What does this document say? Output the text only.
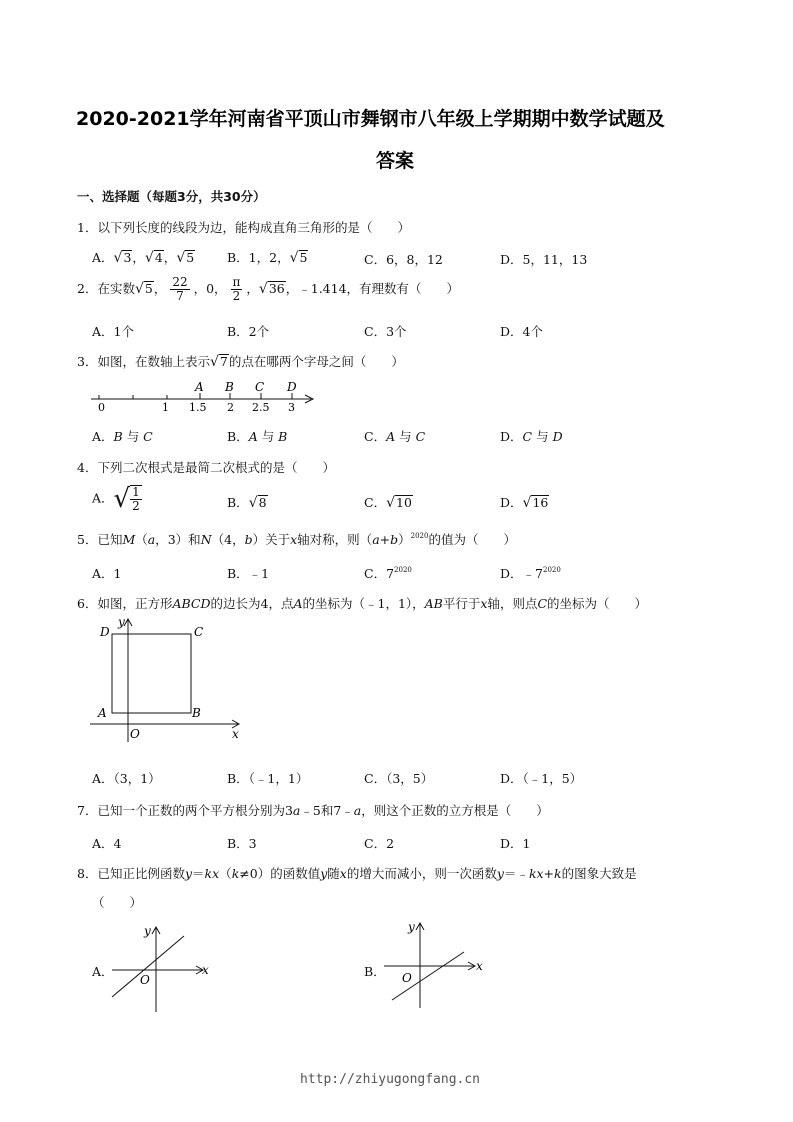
2020-2021学年河南省平顶山市舞钢市八年级上学期期中数学试题及
答案
一、选择题（每题3分，共30分）
1．以下列长度的线段为边，能构成直角三角形的是（　　）
A．√3，√4，√5	B．1，2，√5	C．6，8，12	D．5，11，13
2．在实数√5， $\frac{22}{7}$ ，0， $\frac{\pi}{2}$ ，√36，﹣1.414，有理数有（　　）
A．1个	B．2个	C．3个	D．4个
3．如图，在数轴上表示√7的点在哪两个字母之间（　　）
0	1 1.5 2 2.5 3
A B C D
A．B 与 C	B．A 与 B	C．A 与 C	D．C 与 D
4．下列二次根式是最简二次根式的是（　　）
A．√ $\frac{1}{2}$	B．√8	C．√10	D．√16
5．已知M（a，3）和N（4，b）关于x轴对称，则$(a+b)^{2020}$的值为（　　）
A．1	B．﹣1	C．$7^{2020}$	D．$﹣7^{2020}$
6．如图，正方形ABCD的边长为4，点A的坐标为（﹣1，1），AB平行于x轴，则点C的坐标为（　　）
D	C
A	B
O	x
y
A．（3，1）	B．（﹣1，1）	C．（3，5）	D．（﹣1，5）
7．已知一个正数的两个平方根分别为3a﹣5和7﹣a，则这个正数的立方根是（　　）
A．4	B．3	C．2	D．1
8．已知正比例函数y＝kx（k≠0）的函数值y随x的增大而减小，则一次函数y＝﹣kx+k的图象大致是
（　　）
A．
y
x
O
B．
y
x
O
http://zhiyugongfang.cn
